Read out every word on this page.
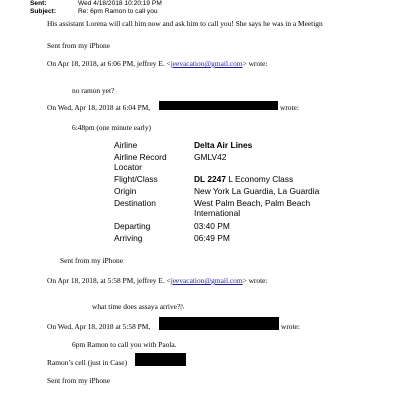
Sent:	Wed 4/18/2018 10:20:19 PM
Subject:	Re: 6pm Ramon to call you
His assistant Lorena will call him now and ask him to call you! She says he was in a Meetign
Sent from my iPhone
On Apr 18, 2018, at 6:06 PM, jeffrey E. <jeevacation@gmail.com> wrote:
no ramon yet?
On Wed, Apr 18, 2018 at 6:04 PM,	wrote:
6:48pm (one minute early)
Airline	Delta Air Lines
Airline Record	GMLV42
Locator
Flight/Class	DL 2247 L Economy Class
Origin	New York La Guardia, La Guardia
Destination	West Palm Beach, Palm Beach
International
Departing	03:40 PM
Arriving	06:49 PM
Sent from my iPhone
On Apr 18, 2018, at 5:58 PM, jeffrey E. <jeevacation@gmail.com> wrote:
what time does assaya arrive?|\
On Wed, Apr 18, 2018 at 5:58 PM,	wrote:
6pm Ramon to call you with Paola.
Ramon’s cell (just in Case)
Sent from my iPhone
